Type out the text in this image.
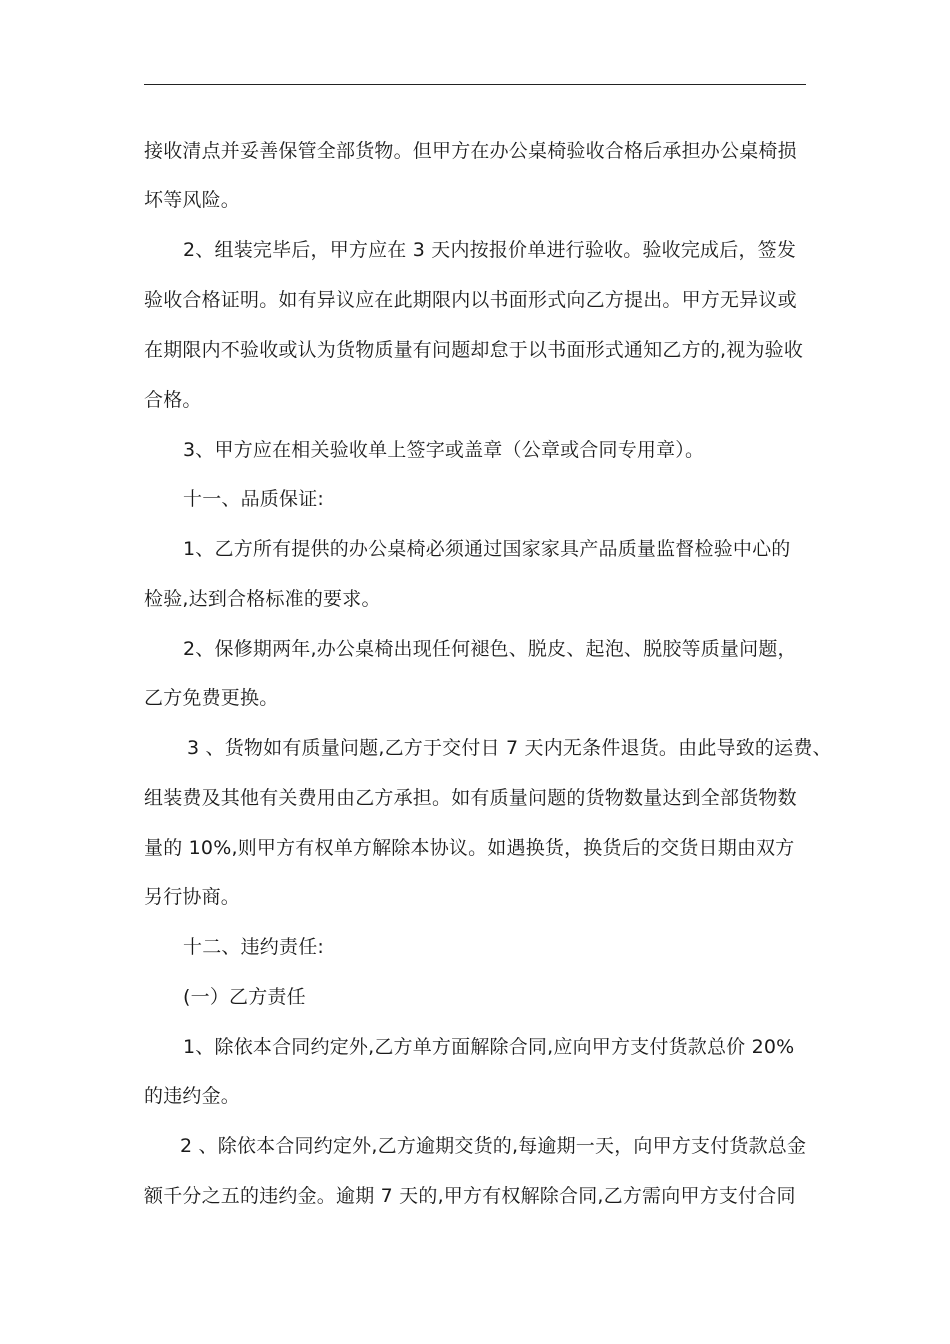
接收清点并妥善保管全部货物。但甲方在办公桌椅验收合格后承担办公桌椅损
坏等风险。
2、组装完毕后，甲方应在 3 天内按报价单进行验收。验收完成后，签发
验收合格证明。如有异议应在此期限内以书面形式向乙方提出。甲方无异议或
在期限内不验收或认为货物质量有问题却怠于以书面形式通知乙方的,视为验收
合格。
3、甲方应在相关验收单上签字或盖章（公章或合同专用章）。
十一、品质保证:
1、乙方所有提供的办公桌椅必须通过国家家具产品质量监督检验中心的
检验,达到合格标准的要求。
2、保修期两年,办公桌椅出现任何褪色、脱皮、起泡、脱胶等质量问题，
乙方免费更换。
3 、货物如有质量问题,乙方于交付日 7 天内无条件退货。由此导致的运费、
组装费及其他有关费用由乙方承担。如有质量问题的货物数量达到全部货物数
量的 10%,则甲方有权单方解除本协议。如遇换货，换货后的交货日期由双方
另行协商。
十二、违约责任:
(一）乙方责任
1、除依本合同约定外,乙方单方面解除合同,应向甲方支付货款总价 20%
的违约金。
2 、除依本合同约定外,乙方逾期交货的,每逾期一天，向甲方支付货款总金
额千分之五的违约金。逾期 7 天的,甲方有权解除合同,乙方需向甲方支付合同
